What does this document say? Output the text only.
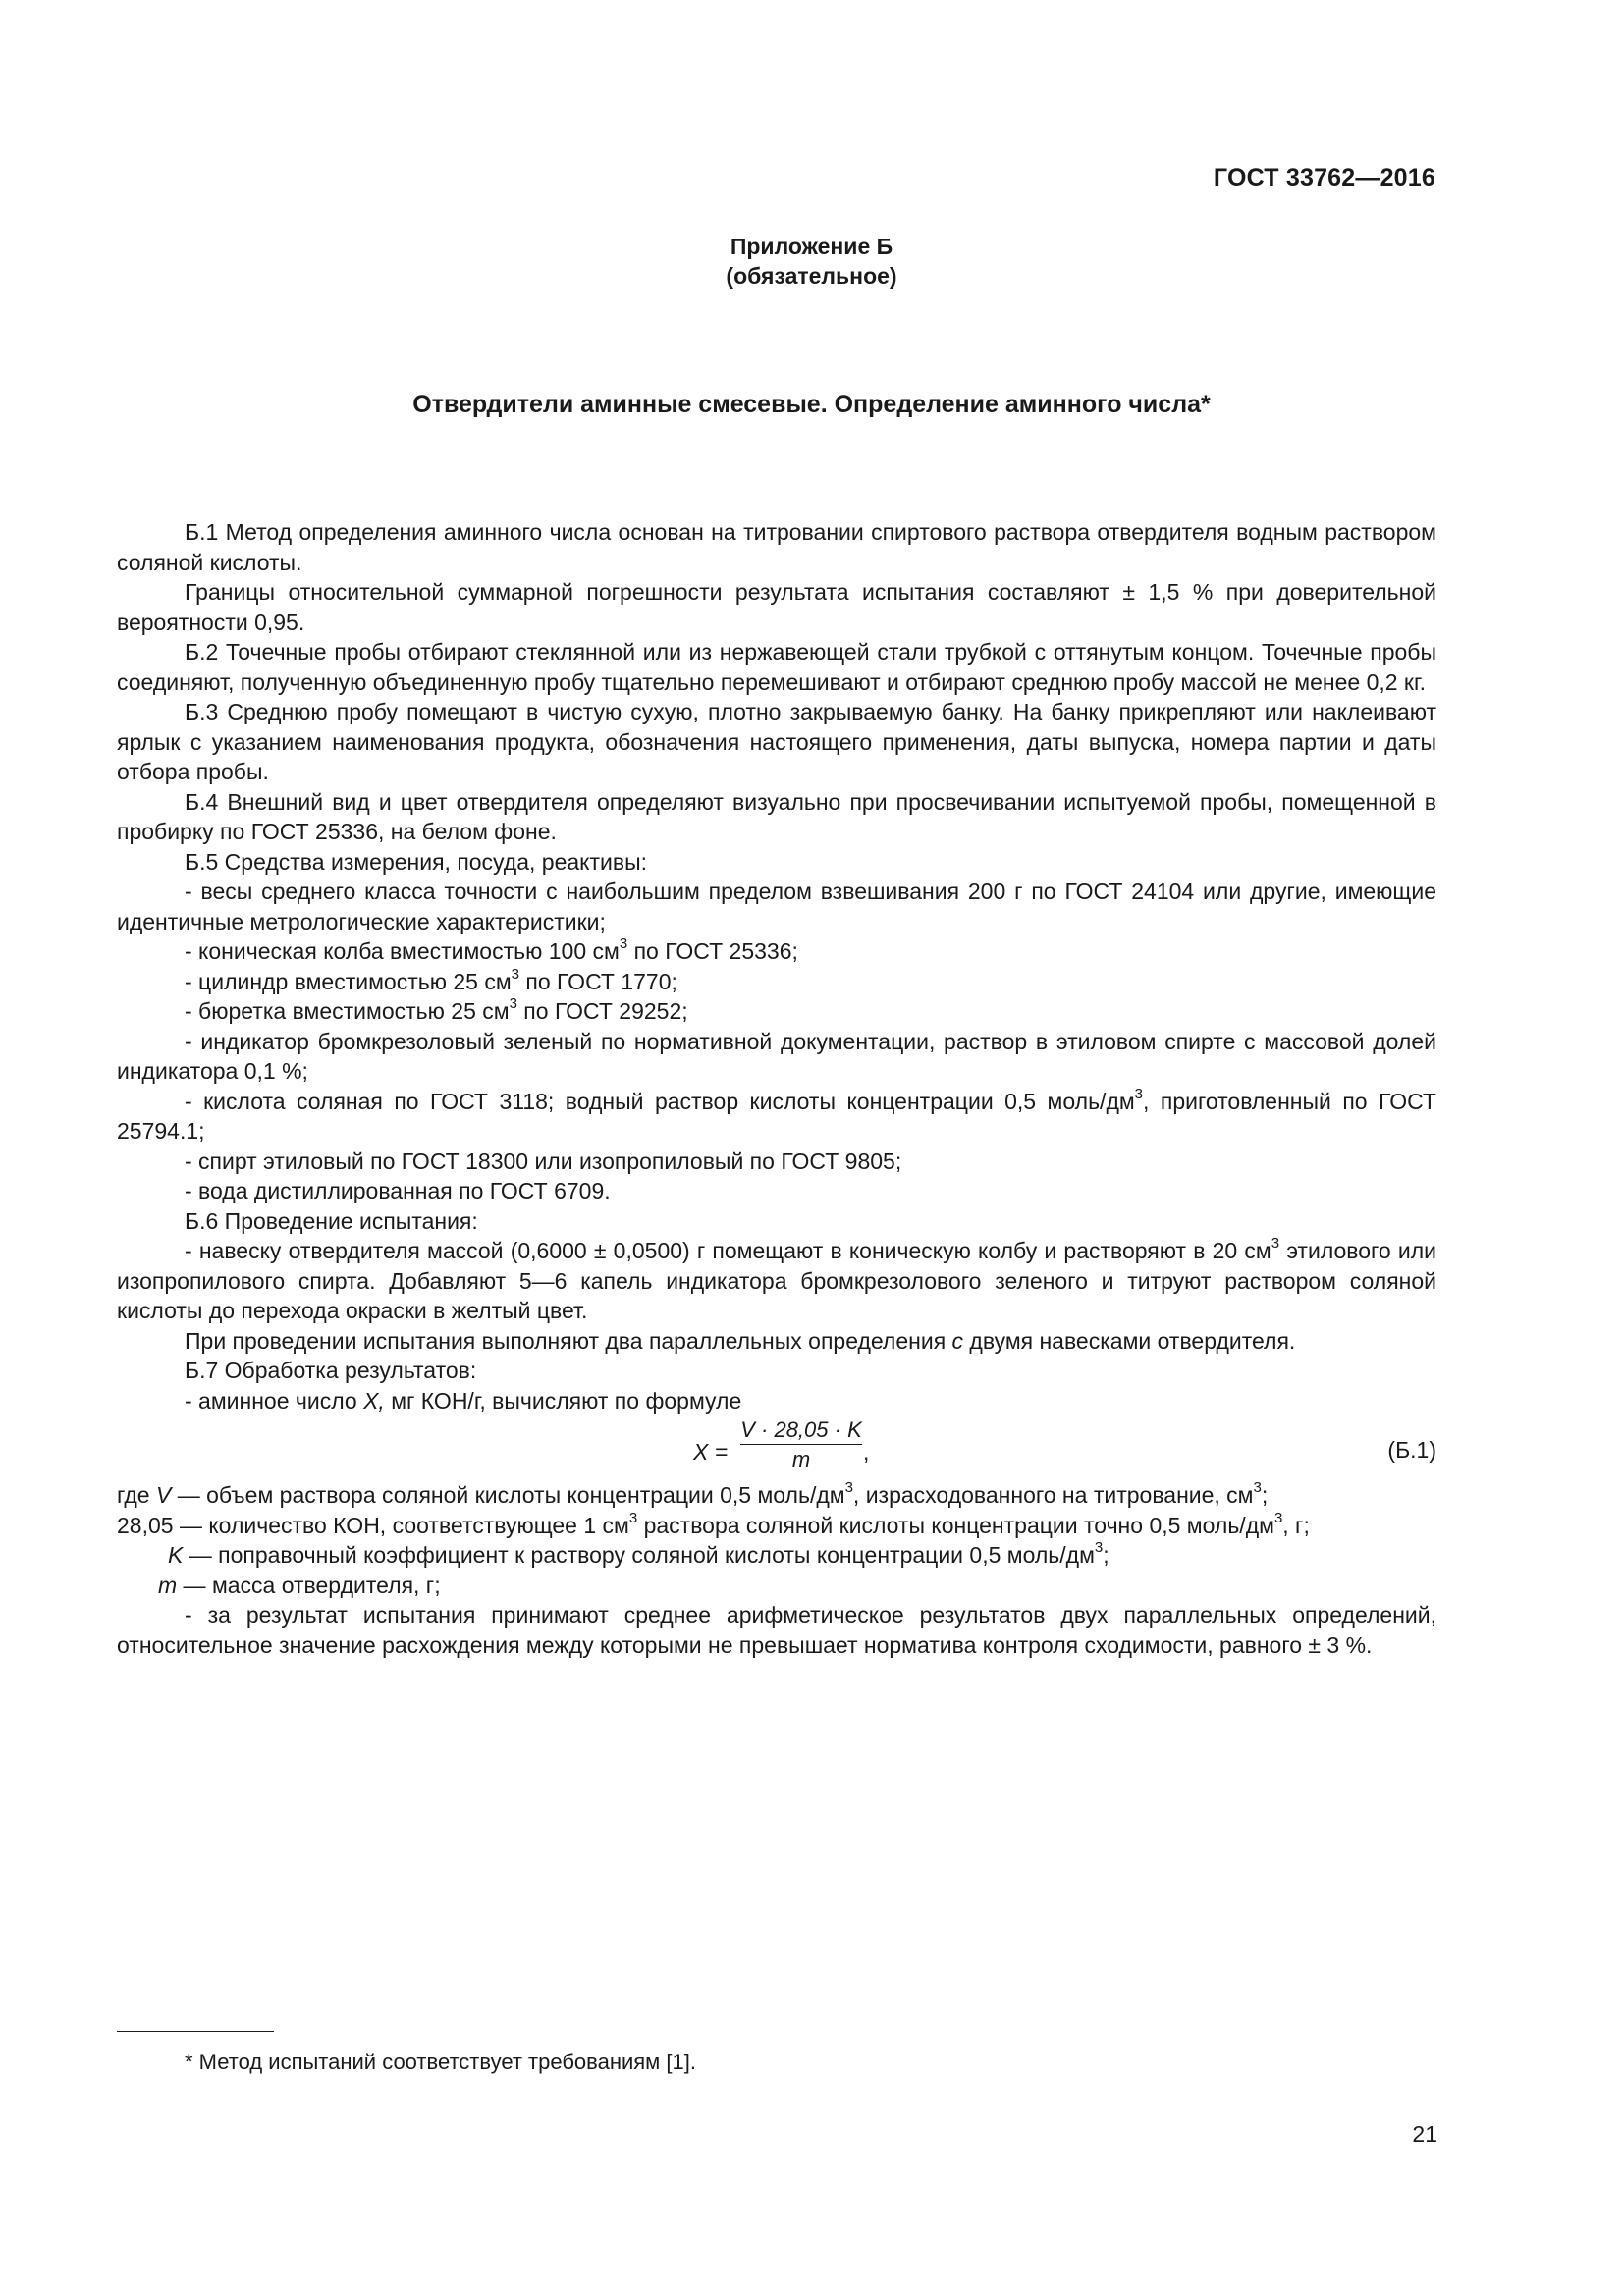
ГОСТ 33762—2016
Приложение Б
(обязательное)
Отвердители аминные смесевые. Определение аминного числа*

Б.1 Метод определения аминного числа основан на титровании спиртового раствора отвердителя водным раствором соляной кислоты.

Границы относительной суммарной погрешности результата испытания составляют ± 1,5 % при доверительной вероятности 0,95.

Б.2 Точечные пробы отбирают стеклянной или из нержавеющей стали трубкой с оттянутым концом. Точечные пробы соединяют, полученную объединенную пробу тщательно перемешивают и отбирают среднюю пробу массой не менее 0,2 кг.

Б.3 Среднюю пробу помещают в чистую сухую, плотно закрываемую банку. На банку прикрепляют или наклеивают ярлык с указанием наименования продукта, обозначения настоящего применения, даты выпуска, номера партии и даты отбора пробы.

Б.4 Внешний вид и цвет отвердителя определяют визуально при просвечивании испытуемой пробы, помещенной в пробирку по ГОСТ 25336, на белом фоне.

Б.5 Средства измерения, посуда, реактивы:

- весы среднего класса точности с наибольшим пределом взвешивания 200 г по ГОСТ 24104 или другие, имеющие идентичные метрологические характеристики;

- коническая колба вместимостью 100 $см^3$ по ГОСТ 25336;

- цилиндр вместимостью 25 $см^3$ по ГОСТ 1770;

- бюретка вместимостью 25 $см^3$ по ГОСТ 29252;

- индикатор бромкрезоловый зеленый по нормативной документации, раствор в этиловом спирте с массовой долей индикатора 0,1 %;

- кислота соляная по ГОСТ 3118; водный раствор кислоты концентрации 0,5 моль/$дм^3$, приготовленный по ГОСТ 25794.1;

- спирт этиловый по ГОСТ 18300 или изопропиловый по ГОСТ 9805;

- вода дистиллированная по ГОСТ 6709.

Б.6 Проведение испытания:

- навеску отвердителя массой (0,6000 ± 0,0500) г помещают в коническую колбу и растворяют в 20 $см^3$ этилового или изопропилового спирта. Добавляют 5—6 капель индикатора бромкрезолового зеленого и титруют раствором соляной кислоты до перехода окраски в желтый цвет.

При проведении испытания выполняют два параллельных определения с двумя навесками отвердителя.

Б.7 Обработка результатов:

- аминное число X, мг КОН/г, вычисляют по формуле

X =
V · 28,05 · K
m	,	(Б.1)

где V — объем раствора соляной кислоты концентрации 0,5 моль/$дм^3$, израсходованного на титрование, $см^3$;

28,05 — количество КОН, соответствующее 1 $см^3$ раствора соляной кислоты концентрации точно 0,5 моль/$дм^3$, г;

K — поправочный коэффициент к раствору соляной кислоты концентрации 0,5 моль/$дм^3$;

m — масса отвердителя, г;

- за результат испытания принимают среднее арифметическое результатов двух параллельных определений, относительное значение расхождения между которыми не превышает норматива контроля сходимости, равного ± 3 %.

* Метод испытаний соответствует требованиям [1].
21
